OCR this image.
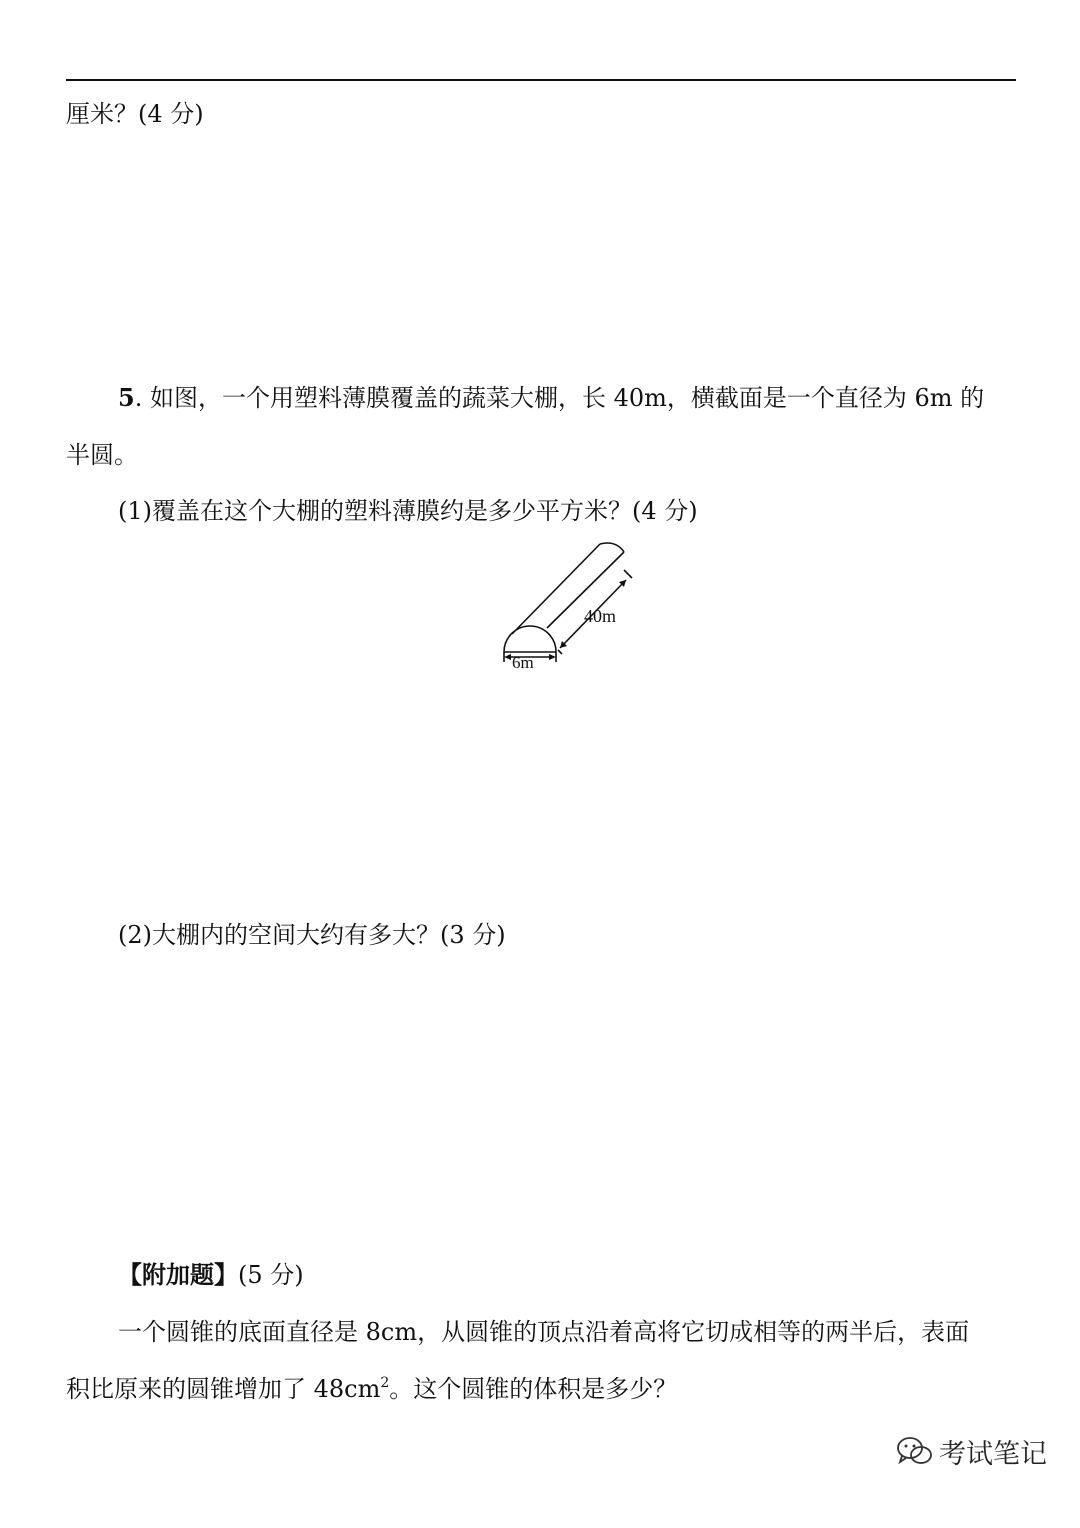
厘米？(4 分)
5. 如图，一个用塑料薄膜覆盖的蔬菜大棚，长 40m，横截面是一个直径为 6m 的
半圆。
(1)覆盖在这个大棚的塑料薄膜约是多少平方米？(4 分)
40m
6m
(2)大棚内的空间大约有多大？(3 分)
【附加题】(5 分)
一个圆锥的底面直径是 8cm，从圆锥的顶点沿着高将它切成相等的两半后，表面
积比原来的圆锥增加了 $48cm^2$。这个圆锥的体积是多少？
考试笔记
